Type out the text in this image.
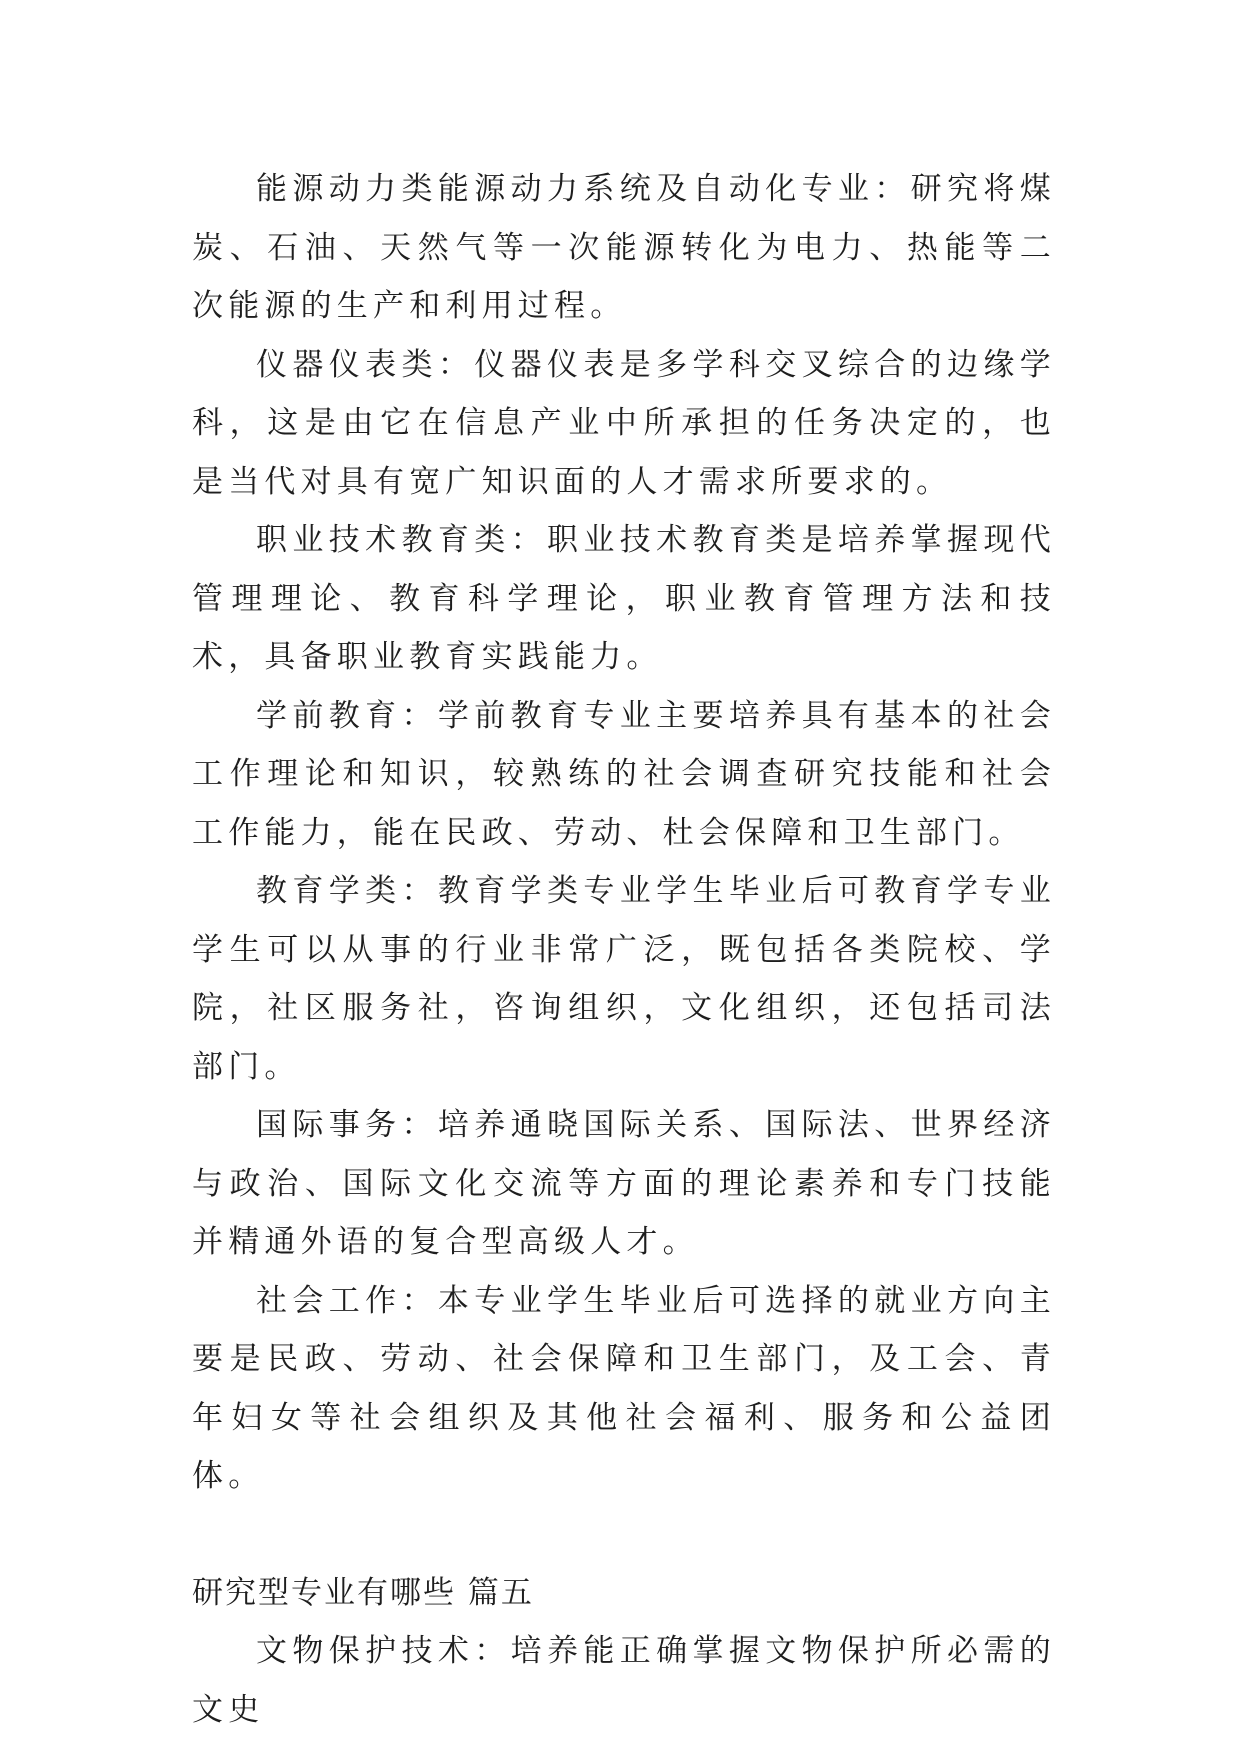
能源动力类能源动力系统及自动化专业：研究将煤炭、石油、天然气等一次能源转化为电力、热能等二次能源的生产和利用过程。

仪器仪表类：仪器仪表是多学科交叉综合的边缘学科，这是由它在信息产业中所承担的任务决定的，也是当代对具有宽广知识面的人才需求所要求的。

职业技术教育类：职业技术教育类是培养掌握现代管理理论、教育科学理论，职业教育管理方法和技术，具备职业教育实践能力。

学前教育：学前教育专业主要培养具有基本的社会工作理论和知识，较熟练的社会调查研究技能和社会工作能力，能在民政、劳动、杜会保障和卫生部门。

教育学类：教育学类专业学生毕业后可教育学专业学生可以从事的行业非常广泛，既包括各类院校、学院，社区服务社，咨询组织，文化组织，还包括司法部门。

国际事务：培养通晓国际关系、国际法、世界经济与政治、国际文化交流等方面的理论素养和专门技能并精通外语的复合型高级人才。

社会工作：本专业学生毕业后可选择的就业方向主要是民政、劳动、社会保障和卫生部门，及工会、青年妇女等社会组织及其他社会福利、服务和公益团体。

研究型专业有哪些 篇五

文物保护技术：培养能正确掌握文物保护所必需的文史
